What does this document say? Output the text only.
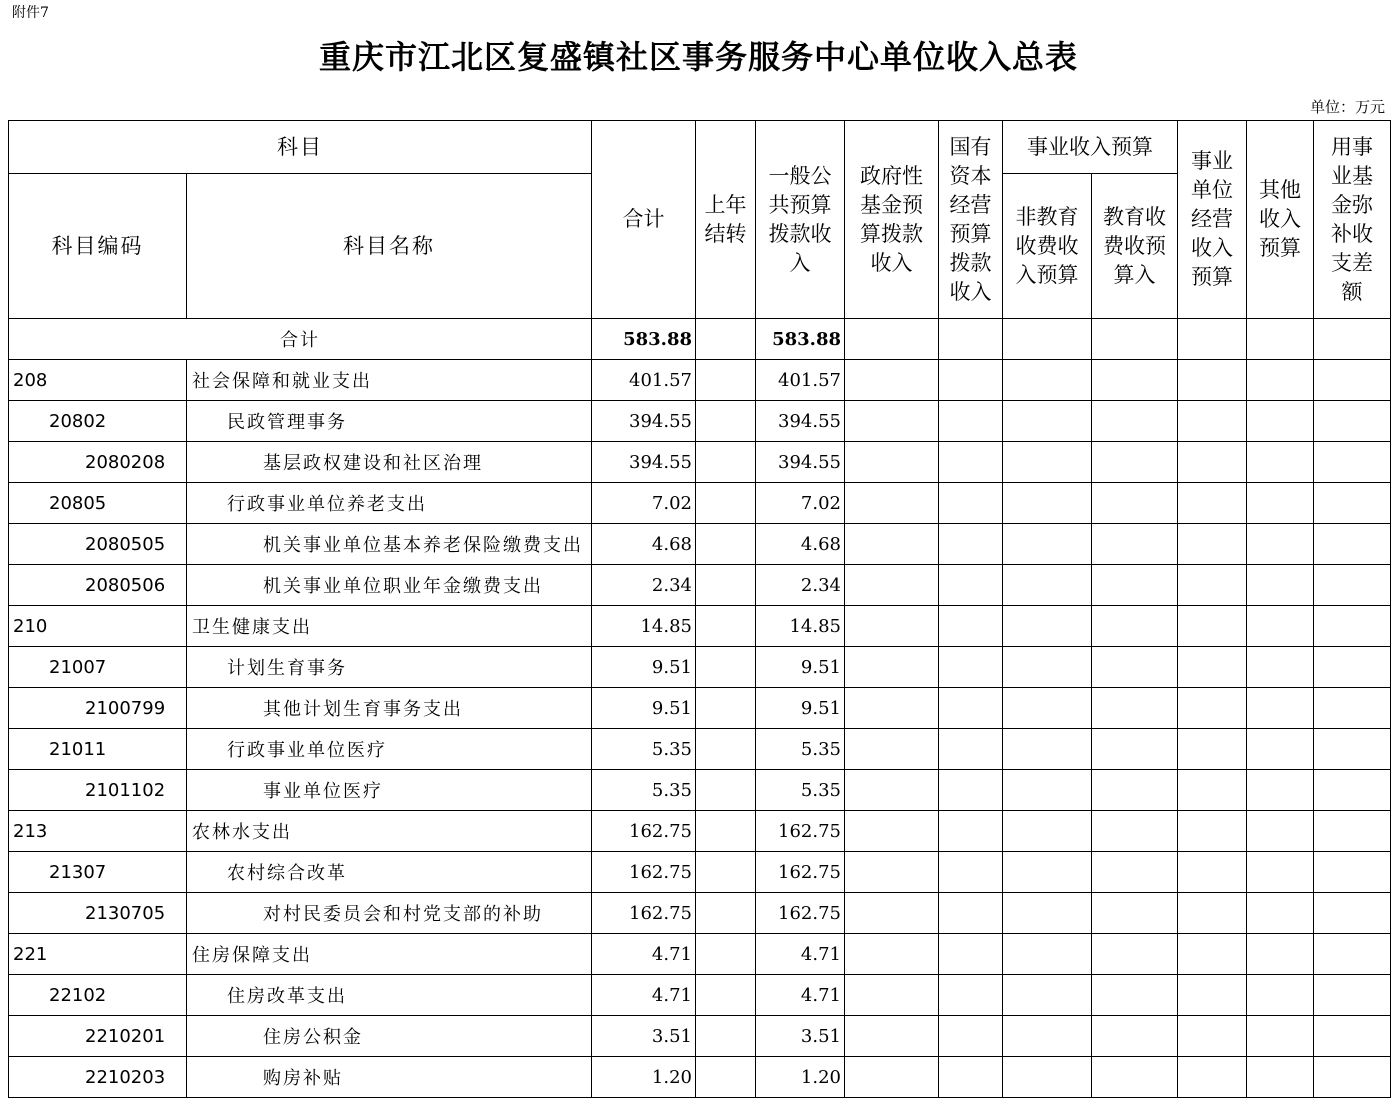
附件7
重庆市江北区复盛镇社区事务服务中心单位收入总表
单位：万元
科目		合计	上年结转	一般公共预算拨款收入	政府性基金预算拨款收入	国有资本经营预算拨款收入	事业收入预算		事业单位经营收入预算	其他收入预算	用事业基金弥补收支差额
科目编码	科目名称						非教育收费收入预算	教育收费收预算入			
合计		583.88		583.88							
208	社会保障和就业支出	401.57		401.57							
20802	民政管理事务	394.55		394.55							
2080208	基层政权建设和社区治理	394.55		394.55							
20805	行政事业单位养老支出	7.02		7.02							
2080505	机关事业单位基本养老保险缴费支出	4.68		4.68							
2080506	机关事业单位职业年金缴费支出	2.34		2.34							
210	卫生健康支出	14.85		14.85							
21007	计划生育事务	9.51		9.51							
2100799	其他计划生育事务支出	9.51		9.51							
21011	行政事业单位医疗	5.35		5.35							
2101102	事业单位医疗	5.35		5.35							
213	农林水支出	162.75		162.75							
21307	农村综合改革	162.75		162.75							
2130705	对村民委员会和村党支部的补助	162.75		162.75							
221	住房保障支出	4.71		4.71							
22102	住房改革支出	4.71		4.71							
2210201	住房公积金	3.51		3.51							
2210203	购房补贴	1.20		1.20							
